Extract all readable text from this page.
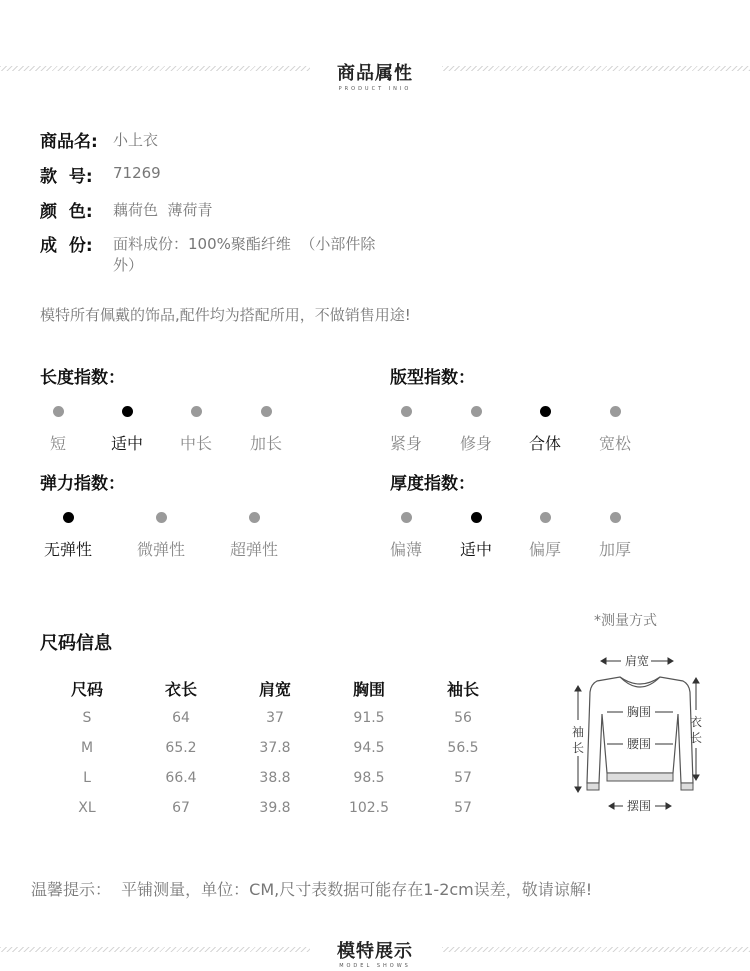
商品属性
PRODUCT INIO
商品名: 小上衣
款  号: 71269
颜  色: 藕荷色  薄荷青
成  份: 面料成份：100%聚酯纤维  （小部件除
外）
模特所有佩戴的饰品,配件均为搭配所用，不做销售用途!
长度指数：
短	适中	中长	加长
版型指数：
紧身	修身	合体	宽松
弹力指数：
无弹性	微弹性	超弹性
厚度指数：
偏薄	适中	偏厚	加厚
尺码信息
尺码	衣长	肩宽	胸围	袖长
S	64	37	91.5	56
M	65.2	37.8	94.5	56.5
L	66.4	38.8	98.5	57
XL	67	39.8	102.5	57
*测量方式
肩宽
胸围
腰围
摆围
袖
长
衣
长
温馨提示：  平铺测量，单位：CM,尺寸表数据可能存在1-2cm误差，敬请谅解!
模特展示
MODEL SHOWS
